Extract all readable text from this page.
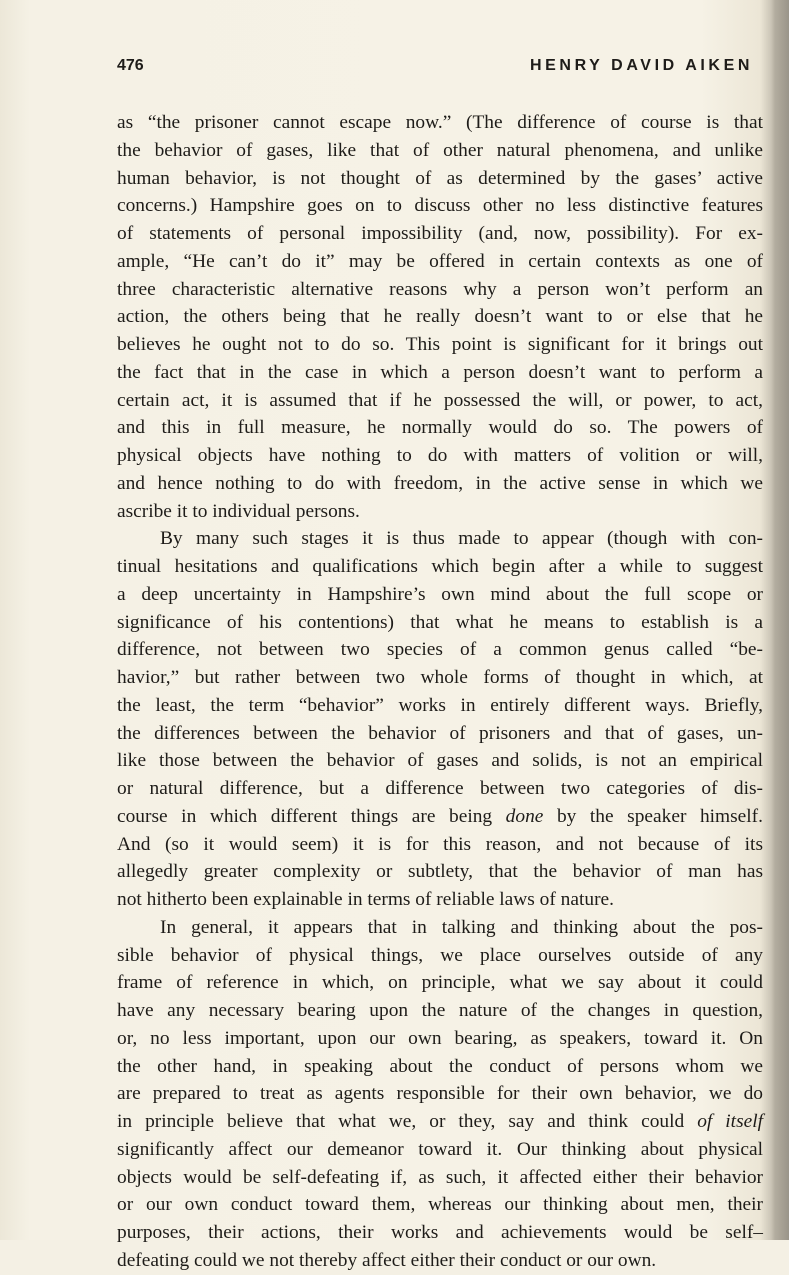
476	HENRY DAVID AIKEN
as “the prisoner cannot escape now.” (The difference of course is that
the behavior of gases, like that of other natural phenomena, and unlike
human behavior, is not thought of as determined by the gases’ active
concerns.) Hampshire goes on to discuss other no less distinctive features
of statements of personal impossibility (and, now, possibility). For ex-
ample, “He can’t do it” may be offered in certain contexts as one of
three characteristic alternative reasons why a person won’t perform an
action, the others being that he really doesn’t want to or else that he
believes he ought not to do so. This point is significant for it brings out
the fact that in the case in which a person doesn’t want to perform a
certain act, it is assumed that if he possessed the will, or power, to act,
and this in full measure, he normally would do so. The powers of
physical objects have nothing to do with matters of volition or will,
and hence nothing to do with freedom, in the active sense in which we
ascribe it to individual persons.
By many such stages it is thus made to appear (though with con-
tinual hesitations and qualifications which begin after a while to suggest
a deep uncertainty in Hampshire’s own mind about the full scope or
significance of his contentions) that what he means to establish is a
difference, not between two species of a common genus called “be-
havior,” but rather between two whole forms of thought in which, at
the least, the term “behavior” works in entirely different ways. Briefly,
the differences between the behavior of prisoners and that of gases, un-
like those between the behavior of gases and solids, is not an empirical
or natural difference, but a difference between two categories of dis-
course in which different things are being done by the speaker himself.
And (so it would seem) it is for this reason, and not because of its
allegedly greater complexity or subtlety, that the behavior of man has
not hitherto been explainable in terms of reliable laws of nature.
In general, it appears that in talking and thinking about the pos-
sible behavior of physical things, we place ourselves outside of any
frame of reference in which, on principle, what we say about it could
have any necessary bearing upon the nature of the changes in question,
or, no less important, upon our own bearing, as speakers, toward it. On
the other hand, in speaking about the conduct of persons whom we
are prepared to treat as agents responsible for their own behavior, we do
in principle believe that what we, or they, say and think could of itself
significantly affect our demeanor toward it. Our thinking about physical
objects would be self-defeating if, as such, it affected either their behavior
or our own conduct toward them, whereas our thinking about men, their
purposes, their actions, their works and achievements would be self–
defeating could we not thereby affect either their conduct or our own.
